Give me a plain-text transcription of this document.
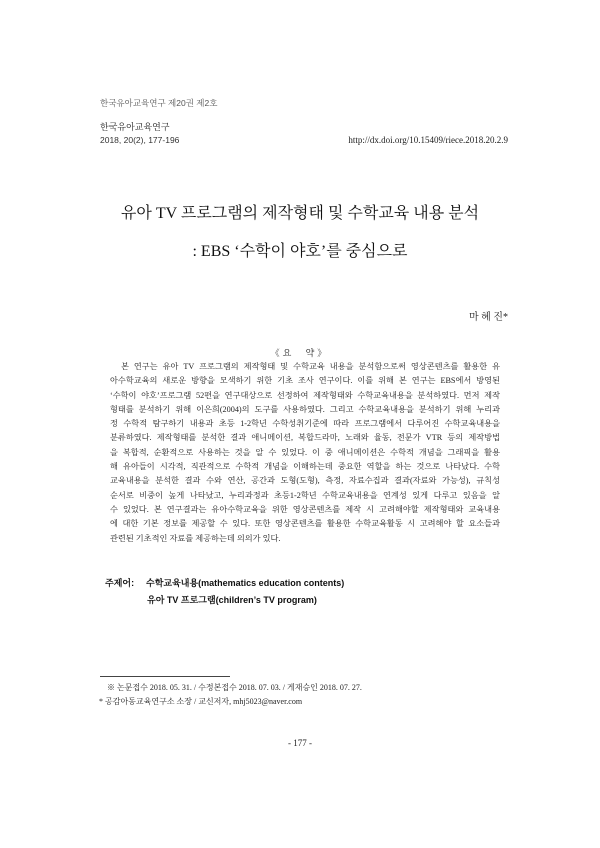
한국유아교육연구 제20권 제2호
한국유아교육연구
2018, 20(2), 177-196	http://dx.doi.org/10.15409/riece.2018.20.2.9
유아 TV 프로그램의 제작형태 및 수학교육 내용 분석
: EBS ‘수학이 야호’를 중심으로
마 혜 진*
《요 약》
본 연구는 유아 TV 프로그램의 제작형태 및 수학교육 내용을 분석함으로써 영상콘텐츠를 활용한 유
아수학교육의 새로운 방향을 모색하기 위한 기초 조사 연구이다. 이를 위해 본 연구는 EBS에서 방영된
‘수학이 야호’프로그램 52편을 연구대상으로 선정하여 제작형태와 수학교육내용을 분석하였다. 먼저 제작
형태를 분석하기 위해 이은희(2004)의 도구를 사용하였다. 그리고 수학교육내용을 분석하기 위해 누리과
정 수학적 탐구하기 내용과 초등 1-2학년 수학성취기준에 따라 프로그램에서 다루어진 수학교육내용을
분류하였다. 제작형태를 분석한 결과 애니메이션, 복합드라마, 노래와 율동, 전문가 VTR 등의 제작방법
을 복합적, 순환적으로 사용하는 것을 알 수 있었다. 이 중 애니메이션은 수학적 개념을 그래픽을 활용
해 유아들이 시각적, 직관적으로 수학적 개념을 이해하는데 중요한 역할을 하는 것으로 나타났다. 수학
교육내용을 분석한 결과 수와 연산, 공간과 도형(도형), 측정, 자료수집과 결과(자료와 가능성), 규칙성
순서로 비중이 높게 나타났고, 누리과정과 초등1-2학년 수학교육내용을 연계성 있게 다루고 있음을 알
수 있었다. 본 연구결과는 유아수학교육을 위한 영상콘텐츠를 제작 시 고려해야할 제작형태와 교육내용
에 대한 기본 정보를 제공할 수 있다. 또한 영상콘텐츠를 활용한 수학교육활동 시 고려해야 할 요소들과
관련된 기초적인 자료를 제공하는데 의의가 있다.
주제어: 수학교육내용(mathematics education contents)
유아 TV 프로그램(children’s TV program)
※ 논문접수 2018. 05. 31. / 수정본접수 2018. 07. 03. / 게재승인 2018. 07. 27.
* 공감아동교육연구소 소장 / 교신저자, mhj5023@naver.com
- 177 -
